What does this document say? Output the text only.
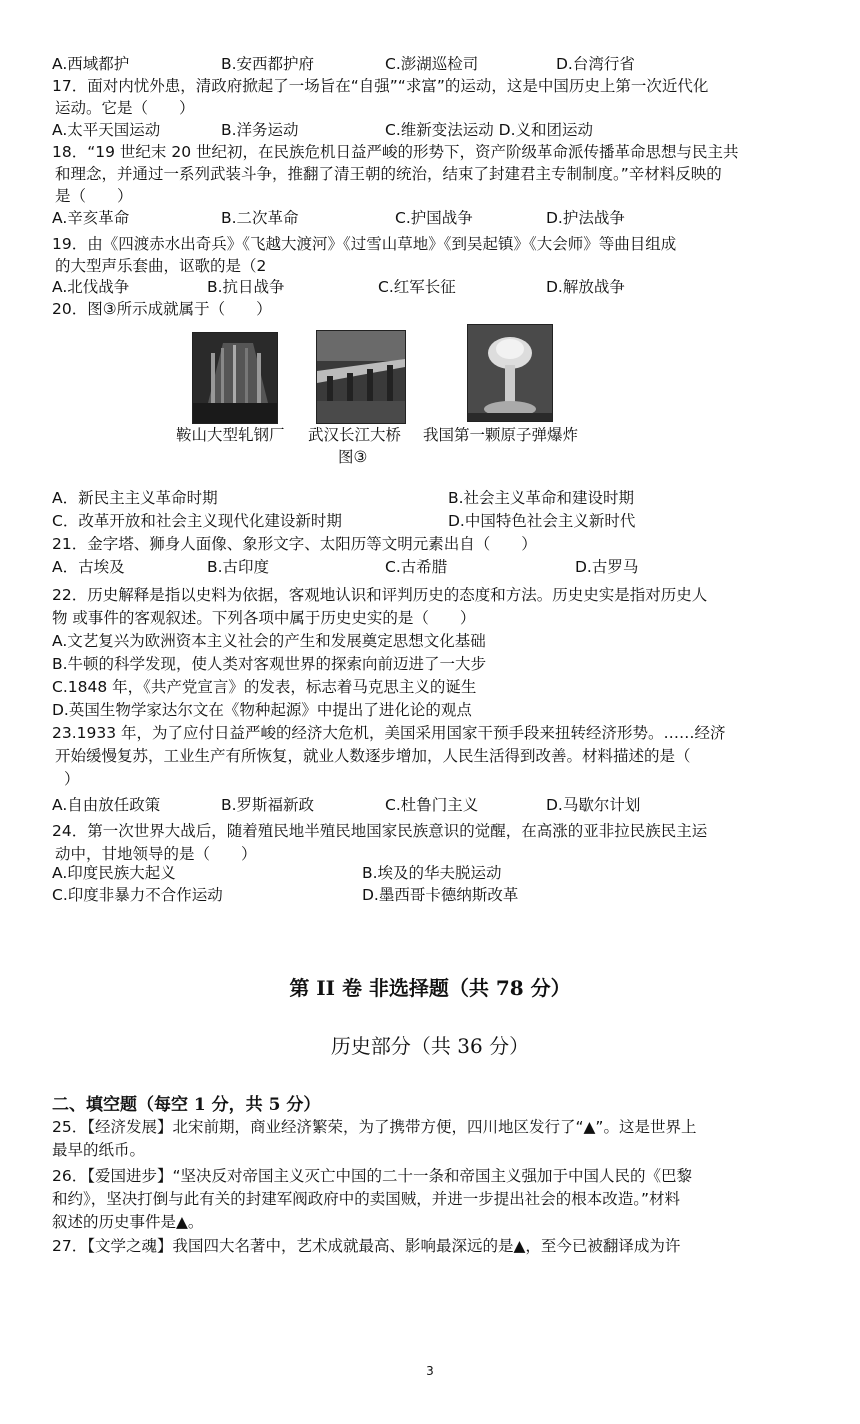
A.西域都护	B.安西都护府	C.澎湖巡检司	D.台湾行省
17．面对内忧外患，清政府掀起了一场旨在“自强”“求富”的运动，这是中国历史上第一次近代化
运动。它是（　　）
A.太平天国运动	B.洋务运动	C.维新变法运动 D.义和团运动
18．“19 世纪末 20 世纪初，在民族危机日益严峻的形势下，资产阶级革命派传播革命思想与民主共
和理念，并通过一系列武装斗争，推翻了清王朝的统治，结束了封建君主专制制度。”辛材料反映的
是（　　）
A.辛亥革命	B.二次革命	C.护国战争	D.护法战争
19．由《四渡赤水出奇兵》《飞越大渡河》《过雪山草地》《到吴起镇》《大会师》等曲目组成
的大型声乐套曲，讴歌的是（2
A.北伐战争	B.抗日战争	C.红军长征	D.解放战争
20．图③所示成就属于（　　）
鞍山大型轧钢厂 武汉长江大桥 我国第一颗原子弹爆炸
图③
A．新民主主义革命时期	B.社会主义革命和建设时期
C．改革开放和社会主义现代化建设新时期	D.中国特色社会主义新时代
21．金字塔、狮身人面像、象形文字、太阳历等文明元素出自（　　）
A．古埃及	B.古印度	C.古希腊	D.古罗马
22．历史解释是指以史料为依据，客观地认识和评判历史的态度和方法。历史史实是指对历史人
物 或事件的客观叙述。下列各项中属于历史史实的是（　　）
A.文艺复兴为欧洲资本主义社会的产生和发展奠定思想文化基础
B.牛顿的科学发现，使人类对客观世界的探索向前迈进了一大步
C.1848 年，《共产党宣言》的发表，标志着马克思主义的诞生
D.英国生物学家达尔文在《物种起源》中提出了进化论的观点
23.1933 年，为了应付日益严峻的经济大危机，美国采用国家干预手段来扭转经济形势。……经济
开始缓慢复苏，工业生产有所恢复，就业人数逐步增加，人民生活得到改善。材料描述的是（
）
A.自由放任政策	B.罗斯福新政	C.杜鲁门主义	D.马歇尔计划
24．第一次世界大战后，随着殖民地半殖民地国家民族意识的觉醒，在高涨的亚非拉民族民主运
动中，甘地领导的是（　　）
A.印度民族大起义	B.埃及的华夫脱运动
C.印度非暴力不合作运动	D.墨西哥卡德纳斯改革
第 II 卷 非选择题（共 78 分）
历史部分（共 36 分）
二、填空题（每空 1 分，共 5 分）
25．【经济发展】北宋前期，商业经济繁荣，为了携带方便，四川地区发行了“▲”。这是世界上
最早的纸币。
26．【爱国进步】“坚决反对帝国主义灭亡中国的二十一条和帝国主义强加于中国人民的《巴黎
和约》，坚决打倒与此有关的封建军阀政府中的卖国贼，并进一步提出社会的根本改造。”材料
叙述的历史事件是▲。
27．【文学之魂】我国四大名著中，艺术成就最高、影响最深远的是▲，至今已被翻译成为许
3
